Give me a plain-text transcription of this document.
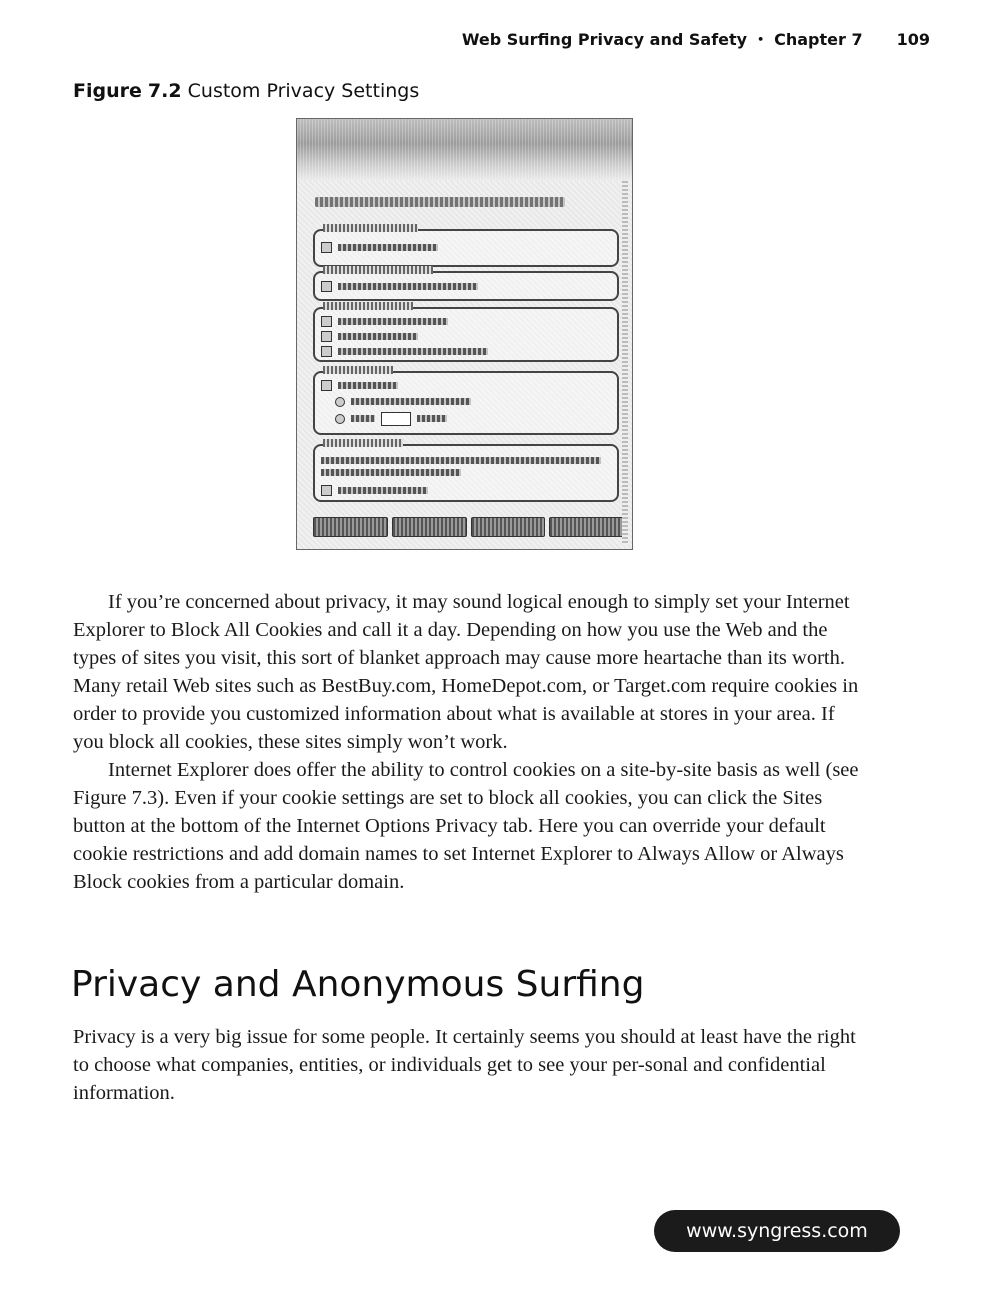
Web Surfing Privacy and Safety • Chapter 7 109
Figure 7.2 Custom Privacy Settings

If you’re concerned about privacy, it may sound logical enough to simply set your Internet Explorer to Block All Cookies and call it a day. Depending on how you use the Web and the types of sites you visit, this sort of blanket approach may cause more heartache than its worth. Many retail Web sites such as BestBuy.com, HomeDepot.com, or Target.com require cookies in order to provide you customized information about what is available at stores in your area. If you block all cookies, these sites simply won’t work.

Internet Explorer does offer the ability to control cookies on a site-by-site basis as well (see Figure 7.3). Even if your cookie settings are set to block all cookies, you can click the Sites button at the bottom of the Internet Options Privacy tab. Here you can override your default cookie restrictions and add domain names to set Internet Explorer to Always Allow or Always Block cookies from a particular domain.

Privacy and Anonymous Surfing

Privacy is a very big issue for some people. It certainly seems you should at least have the right to choose what companies, entities, or individuals get to see your per-sonal and confidential information.

www.syngress.com
